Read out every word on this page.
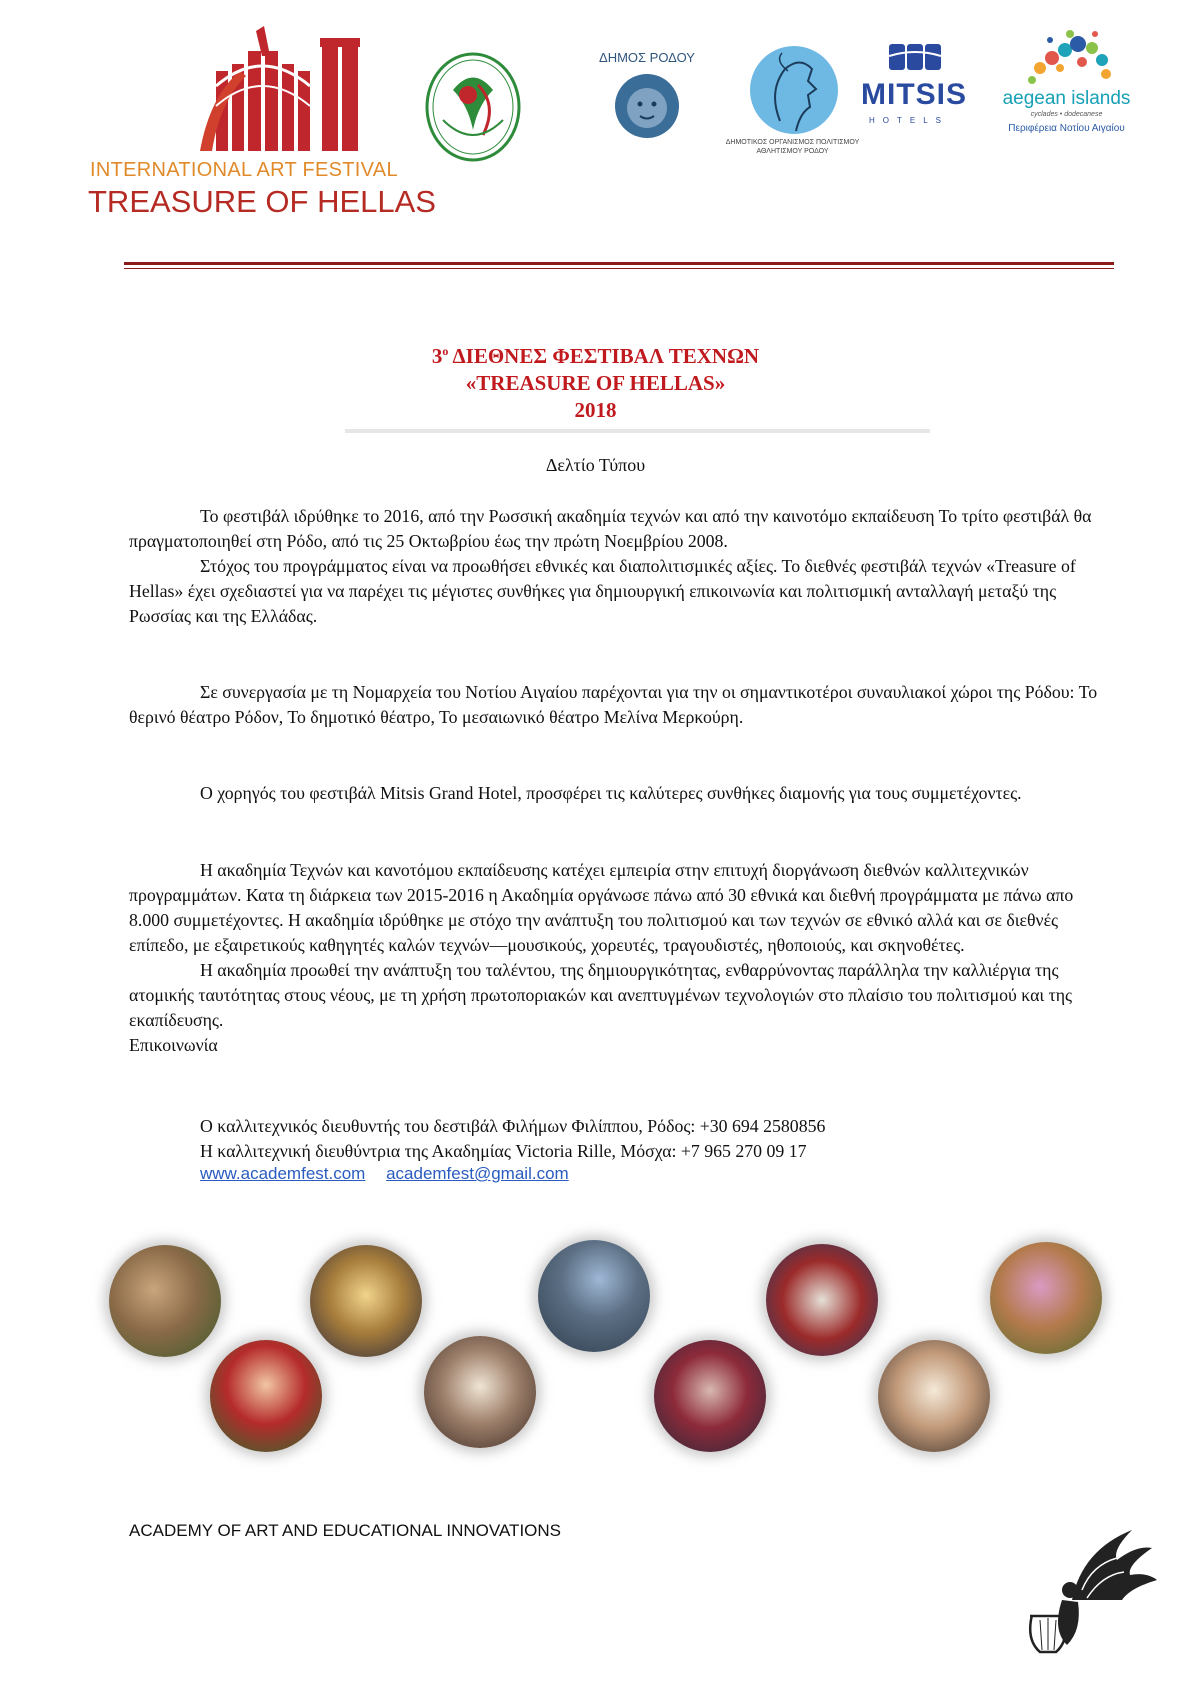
INTERNATIONAL ART FESTIVAL
TREASURE OF HELLAS
ΔΗΜΟΣ ΡΟΔΟΥ
ΔΗΜΟΤΙΚΟΣ ΟΡΓΑΝΙΣΜΟΣ ΠΟΛΙΤΙΣΜΟΥ ΑΘΛΗΤΙΣΜΟΥ ΡΟΔΟΥ
MITSIS
HOTELS
aegean islands
cyclades • dodecanese
Περιφέρεια Νοτίου Αιγαίου
$3^o$ ΔΙΕΘΝΕΣ ΦΕΣΤΙΒΑΛ ΤΕΧΝΩΝ
«TREASURE OF HELLAS»
2018
Δελτίο Τύπου

Το φεστιβάλ ιδρύθηκε το 2016, από την Ρωσσική ακαδημία τεχνών και από την καινοτόμο εκπαίδευση Το τρίτο φεστιβάλ θα πραγματοποιηθεί στη Ρόδο, από τις 25 Οκτωβρίου έως την πρώτη Νοεμβρίου 2008.

Στόχος του προγράμματος είναι να προωθήσει εθνικές και διαπολιτισμικές αξίες. Το διεθνές φεστιβάλ τεχνών «Treasure of Hellas» έχει σχεδιαστεί για να παρέχει τις μέγιστες συνθήκες για δημιουργική επικοινωνία και πολιτισμική ανταλλαγή μεταξύ της Ρωσσίας και της Ελλάδας.

Σε συνεργασία με τη Νομαρχεία του Νοτίου Αιγαίου παρέχονται για την οι σημαντικοτέροι συναυλιακοί χώροι της Ρόδου: Το θερινό θέατρο Ρόδον, Το δημοτικό θέατρο, Το μεσαιωνικό θέατρο Μελίνα Μερκούρη.

Ο χορηγός του φεστιβάλ Mitsis Grand Hotel, προσφέρει τις καλύτερες συνθήκες διαμονής για τους συμμετέχοντες.

Η ακαδημία Τεχνών και κανοτόμου εκπαίδευσης κατέχει εμπειρία στην επιτυχή διοργάνωση διεθνών καλλιτεχνικών προγραμμάτων. Κατα τη διάρκεια των 2015-2016 η Ακαδημία οργάνωσε πάνω από 30 εθνικά και διεθνή προγράμματα με πάνω απο 8.000 συμμετέχοντες. Η ακαδημία ιδρύθηκε με στόχο την ανάπτυξη του πολιτισμού και των τεχνών σε εθνικό αλλά και σε διεθνές επίπεδο, με εξαιρετικούς καθηγητές καλών τεχνών—μουσικούς, χορευτές, τραγουδιστές, ηθοποιούς, και σκηνοθέτες.

Η ακαδημία προωθεί την ανάπτυξη του ταλέντου, της δημιουργικότητας, ενθαρρύνοντας παράλληλα την καλλιέργια της ατομικής ταυτότητας στους νέους, με τη χρήση πρωτοποριακών και ανεπτυγμένων τεχνολογιών στο πλαίσιο του πολιτισμού και της εκαπίδευσης.

Επικοινωνία

Ο καλλιτεχνικός διευθυντής του δεστιβάλ Φιλήμων Φιλίππου, Ρόδος: +30 694 2580856
Η καλλιτεχνική διευθύντρια της Ακαδημίας Victoria Rille, Μόσχα: +7 965 270 09 17
www.academfest.com academfest@gmail.com
ACADEMY OF ART AND EDUCATIONAL INNOVATIONS
